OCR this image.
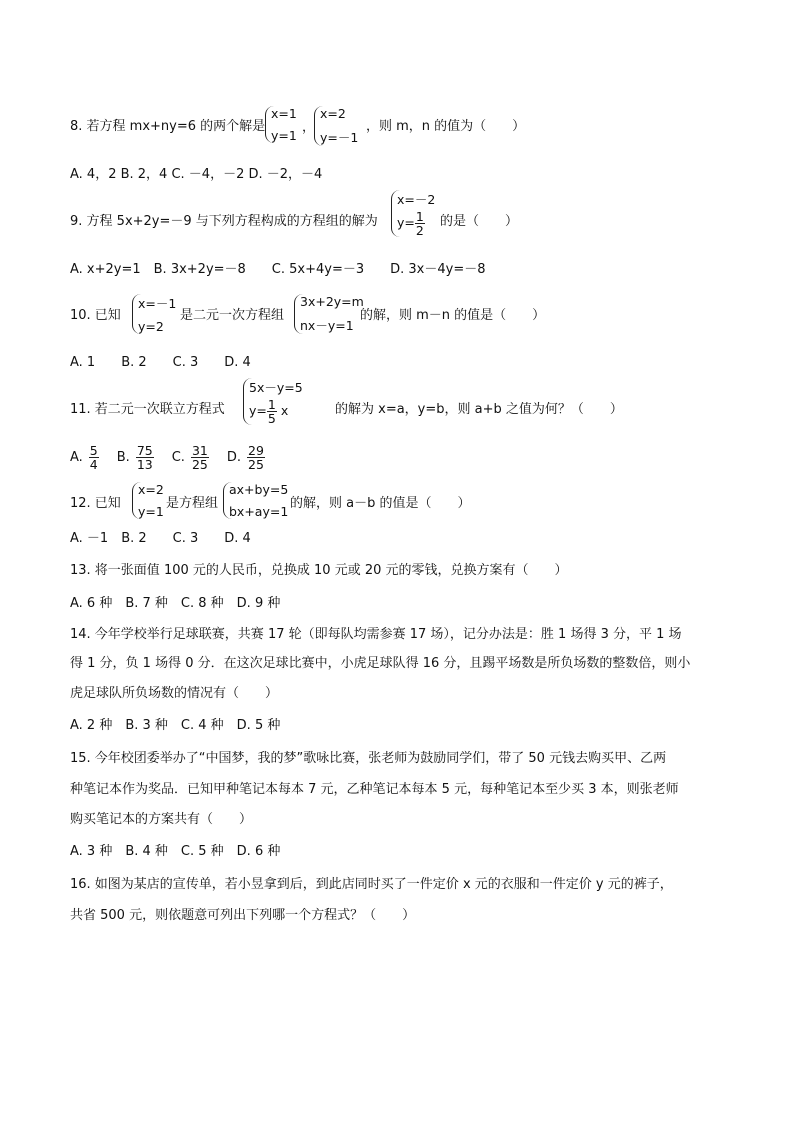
8. 若方程 mx+ny=6 的两个解是
x=1
y=1
，
x=2
y=－1
，则 m，n 的值为（　　）
A. 4，2 B. 2，4 C. －4，－2 D. －2，－4
9. 方程 5x+2y=－9 与下列方程构成的方程组的解为
x=－2
$y= \frac{1}{2}$ 的是（　　）
A. x+2y=1　B. 3x+2y=－8　　C. 5x+4y=－3　　D. 3x－4y=－8
10. 已知
x=－1
y=2
是二元一次方程组
3x+2y=m
nx－y=1
的解，则 m－n 的值是（　　）
A. 1　　B. 2　　C. 3　　D. 4
11. 若二元一次联立方程式
5x－y=5
$y= \frac{1}{5}$ x	的解为 x=a，y=b，则 a+b 之值为何？（　　）
A. $\frac{5}{4} B$. $\frac{75}{13} C$. $\frac{31}{25} D$. $\frac{29}{25}$
12. 已知
x=2
y=1
是方程组
ax+by=5
bx+ay=1
的解，则 a－b 的值是（　　）
A. －1　B. 2　　C. 3　　D. 4
13. 将一张面值 100 元的人民币，兑换成 10 元或 20 元的零钱，兑换方案有（　　）
A. 6 种　B. 7 种　C. 8 种　D. 9 种
14. 今年学校举行足球联赛，共赛 17 轮（即每队均需参赛 17 场），记分办法是：胜 1 场得 3 分，平 1 场
得 1 分，负 1 场得 0 分．在这次足球比赛中，小虎足球队得 16 分，且踢平场数是所负场数的整数倍，则小
虎足球队所负场数的情况有（　　）
A. 2 种　B. 3 种　C. 4 种　D. 5 种
15. 今年校团委举办了“中国梦，我的梦”歌咏比赛，张老师为鼓励同学们，带了 50 元钱去购买甲、乙两
种笔记本作为奖品．已知甲种笔记本每本 7 元，乙种笔记本每本 5 元，每种笔记本至少买 3 本，则张老师
购买笔记本的方案共有（　　）
A. 3 种　B. 4 种　C. 5 种　D. 6 种
16. 如图为某店的宣传单，若小昱拿到后，到此店同时买了一件定价 x 元的衣服和一件定价 y 元的裤子，
共省 500 元，则依题意可列出下列哪一个方程式？（　　）
